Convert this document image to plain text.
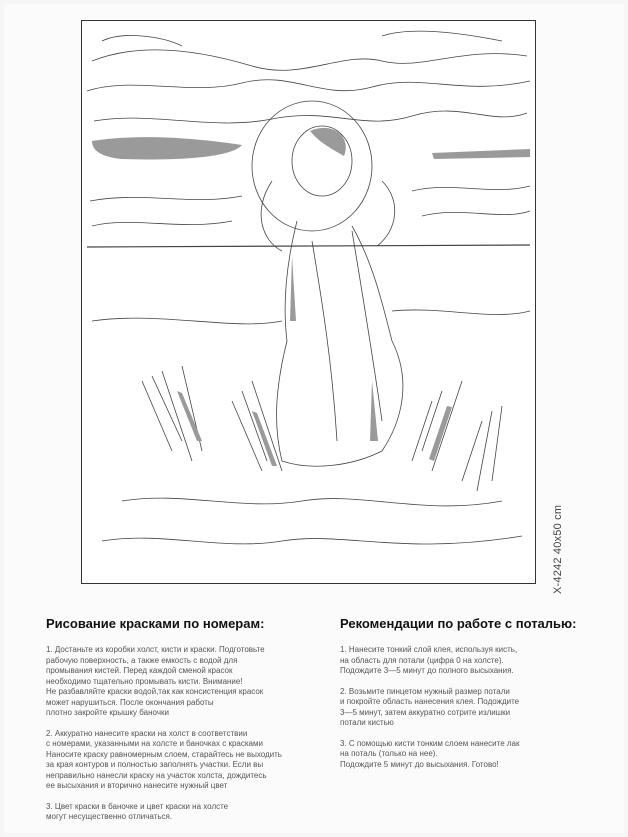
X-4242 40x50 cm
Рисование красками по номерам:

1. Достаньте из коробки холст, кисти и краски. Подготовьте
рабочую поверхность, а также емкость с водой для
промывания кистей. Перед каждой сменой красок
необходимо тщательно промывать кисти. Внимание!
Не разбавляйте краски водой,так как консистенция красок
может нарушиться. После окончания работы
плотно закройте крышку баночки

2. Аккуратно нанесите краски на холст в соответствии
с номерами, указанными на холсте и баночках с красками
Наносите краску равномерным слоем, старайтесь не выходить
за края контуров и полностью заполнять участки. Если вы
неправильно нанесли краску на участок холста, дождитесь
ее высыхания и вторично нанесите нужный цвет

3. Цвет краски в баночке и цвет краски на холсте
могут несущественно отличаться.

Рекомендации по работе с поталью:

1. Нанесите тонкий слой клея, используя кисть,
на область для потали (цифра 0 на холсте).
Подождите 3—5 минут до полного высыхания.

2. Возьмите пинцетом нужный размер потали
и покройте область нанесения клея. Подождите
3—5 минут, затем аккуратно сотрите излишки
потали кистью

3. С помощью кисти тонким слоем нанесите лак
на поталь (только на нее).
Подождите 5 минут до высыхания. Готово!
